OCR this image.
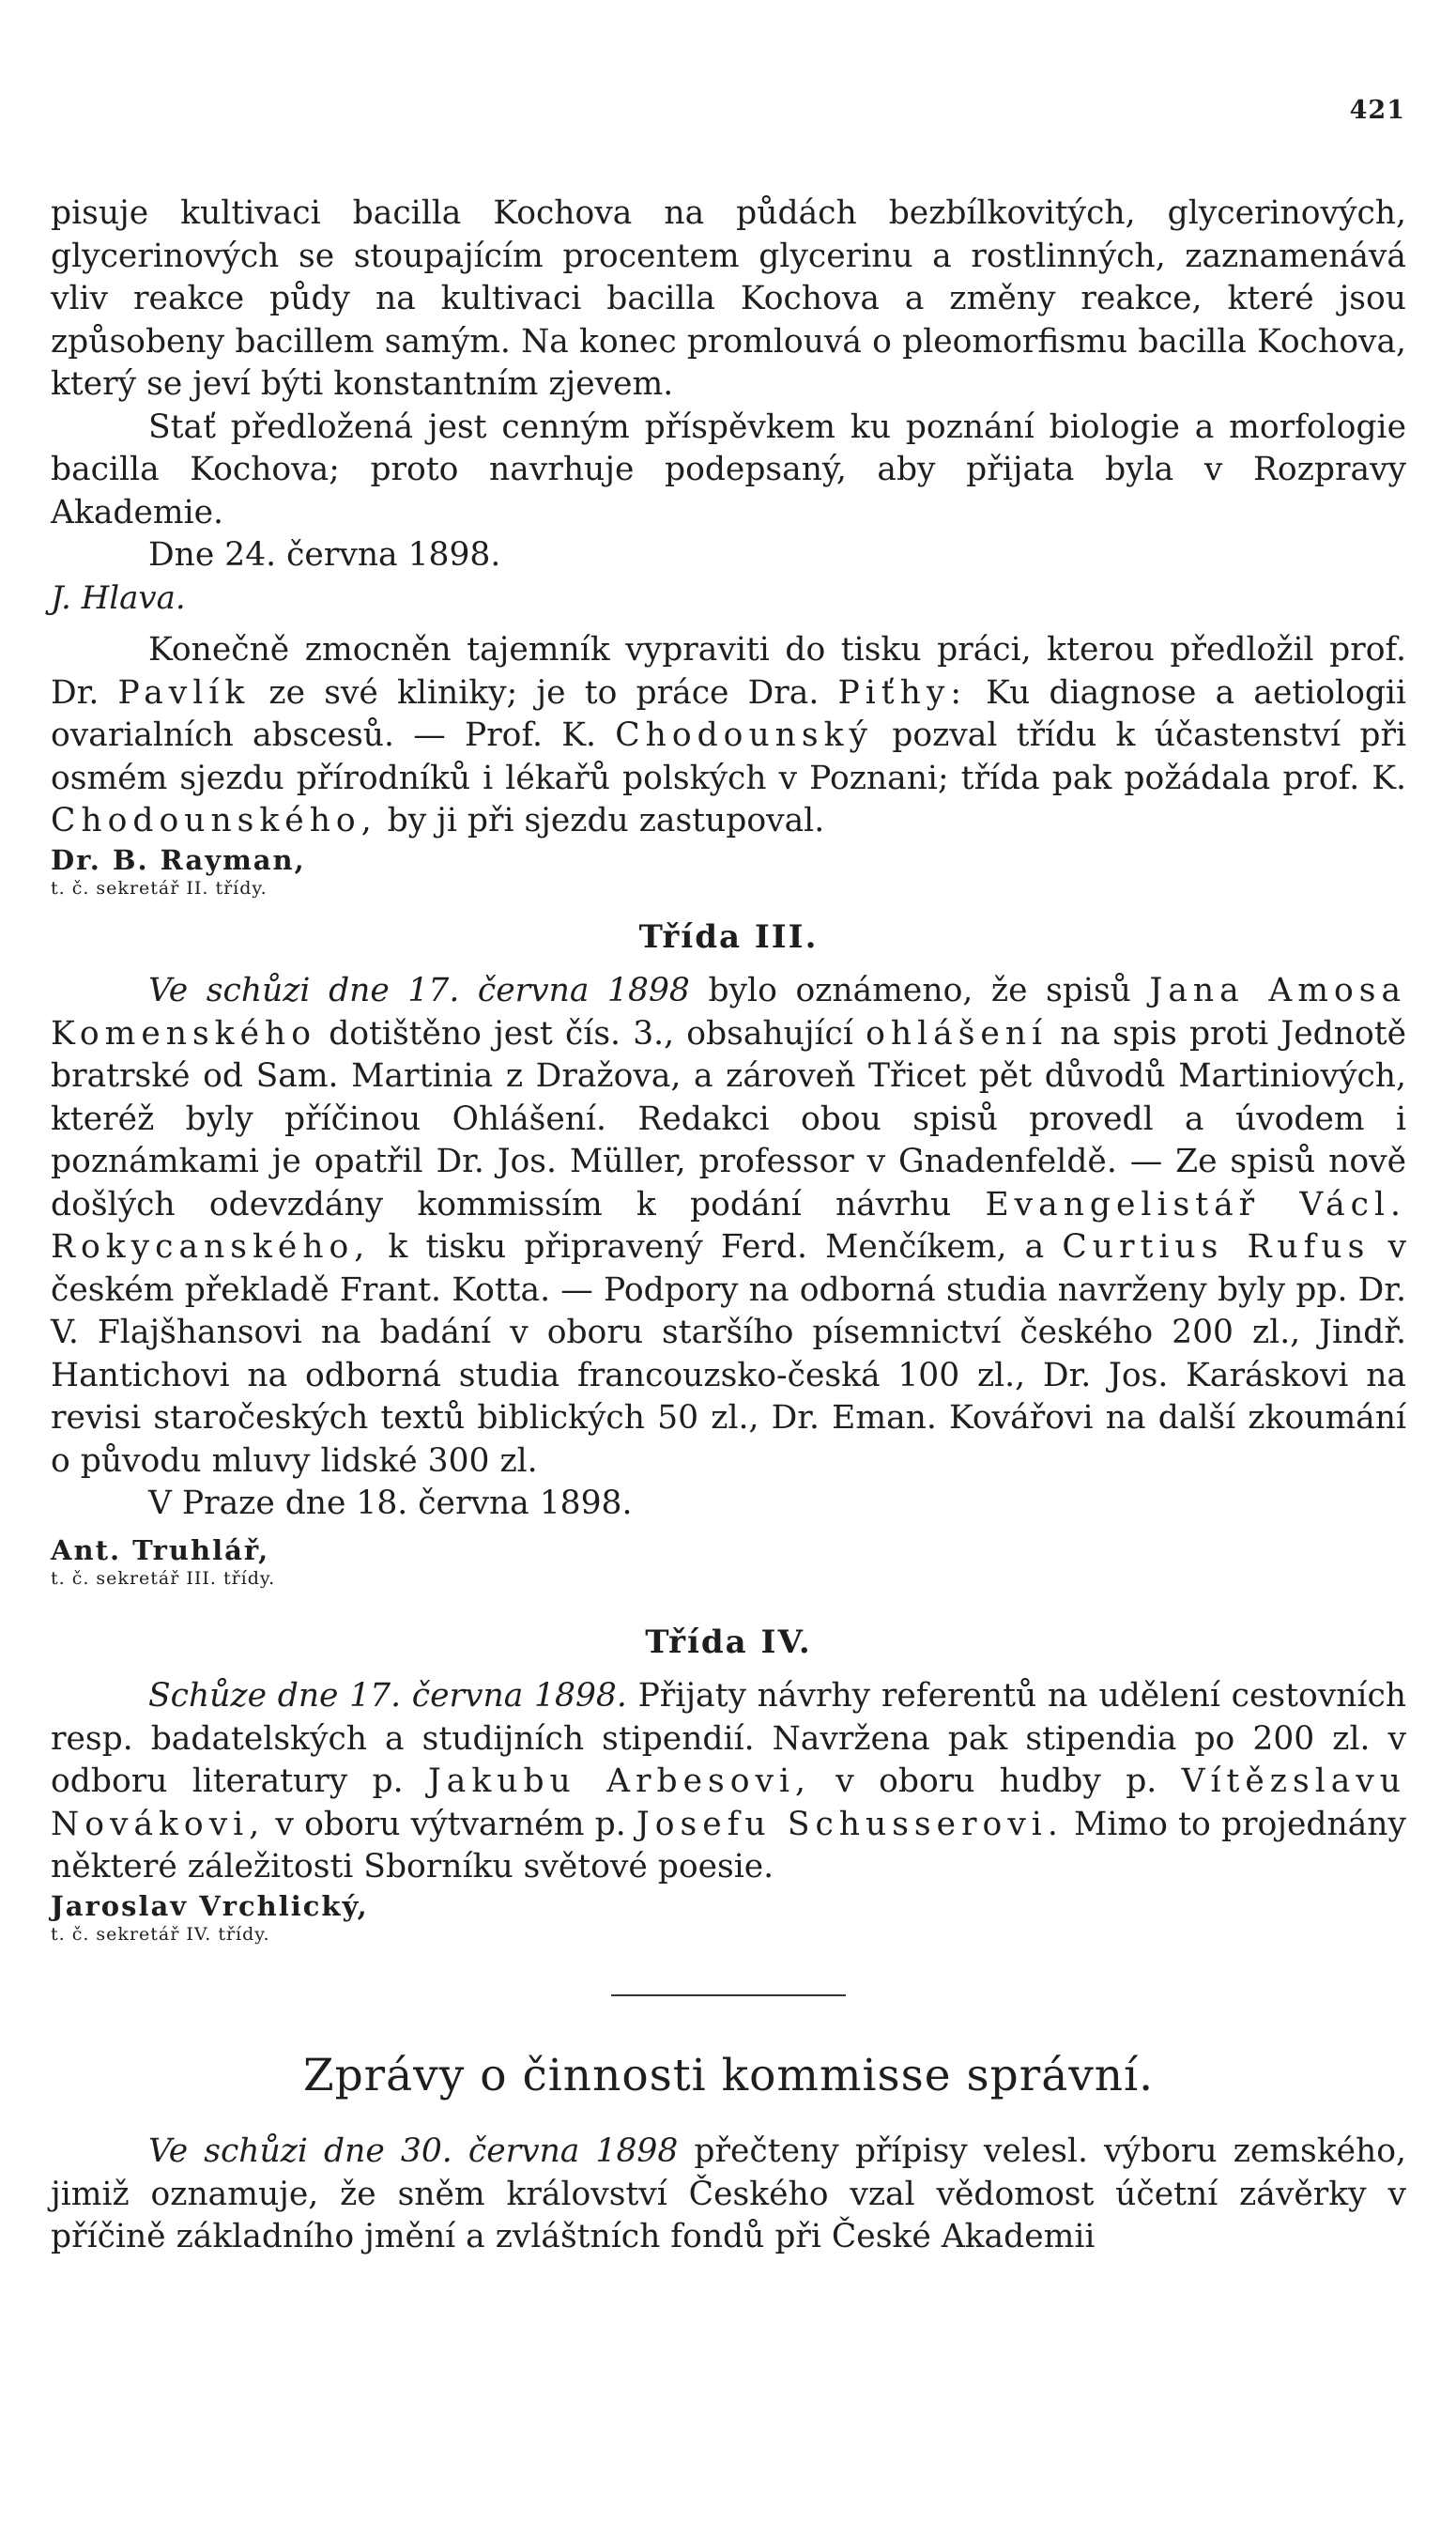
421

pisuje kultivaci bacilla Kochova na půdách bezbílkovitých, glycerinových, glycerinových se stoupajícím procentem glycerinu a rostlinných, zaznamenává vliv reakce půdy na kultivaci bacilla Kochova a změny reakce, které jsou způsobeny bacillem samým. Na konec promlouvá o pleomorfismu bacilla Kochova, který se jeví býti konstantním zjevem.

Stať předložená jest cenným příspěvkem ku poznání biologie a morfologie bacilla Kochova; proto navrhuje podepsaný, aby přijata byla v Rozpravy Akademie.

Dne 24. června 1898.

J. Hlava.

Konečně zmocněn tajemník vypraviti do tisku práci, kterou předložil prof. Dr. Pavlík ze své kliniky; je to práce Dra. Piťhy: Ku diagnose a aetiologii ovarialních abscesů. — Prof. K. Chodounský pozval třídu k účastenství při osmém sjezdu přírodníků i lékařů polských v Poznani; třída pak požádala prof. K. Chodounského, by ji při sjezdu zastupoval.

Dr. B. Rayman,

t. č. sekretář II. třídy.

Třída III.

Ve schůzi dne 17. června 1898 bylo oznámeno, že spisů Jana Amosa Komenského dotištěno jest čís. 3., obsahující ohlášení na spis proti Jednotě bratrské od Sam. Martinia z Dražova, a zároveň Třicet pět důvodů Martiniových, kteréž byly příčinou Ohlášení. Redakci obou spisů provedl a úvodem i poznámkami je opatřil Dr. Jos. Müller, professor v Gnadenfeldě. — Ze spisů nově došlých odevzdány kommissím k podání návrhu Evangelistář Václ. Rokycanského, k tisku připravený Ferd. Menčíkem, a Curtius Rufus v českém překladě Frant. Kotta. — Podpory na odborná studia navrženy byly pp. Dr. V. Flajšhansovi na badání v oboru staršího písemnictví českého 200 zl., Jindř. Hantichovi na odborná studia francouzsko-česká 100 zl., Dr. Jos. Karáskovi na revisi staročeských textů biblických 50 zl., Dr. Eman. Kovářovi na další zkoumání o původu mluvy lidské 300 zl.

V Praze dne 18. června 1898.

Ant. Truhlář,

t. č. sekretář III. třídy.

Třída IV.

Schůze dne 17. června 1898. Přijaty návrhy referentů na udělení cestovních resp. badatelských a studijních stipendií. Navržena pak stipendia po 200 zl. v odboru literatury p. Jakubu Arbesovi, v oboru hudby p. Vítězslavu Novákovi, v oboru výtvarném p. Josefu Schusserovi. Mimo to projednány některé záležitosti Sborníku světové poesie.

Jaroslav Vrchlický,

t. č. sekretář IV. třídy.

Zprávy o činnosti kommisse správní.

Ve schůzi dne 30. června 1898 přečteny přípisy velesl. výboru zemského, jimiž oznamuje, že sněm království Českého vzal vědomost účetní závěrky v příčině základního jmění a zvláštních fondů při České Akademii
